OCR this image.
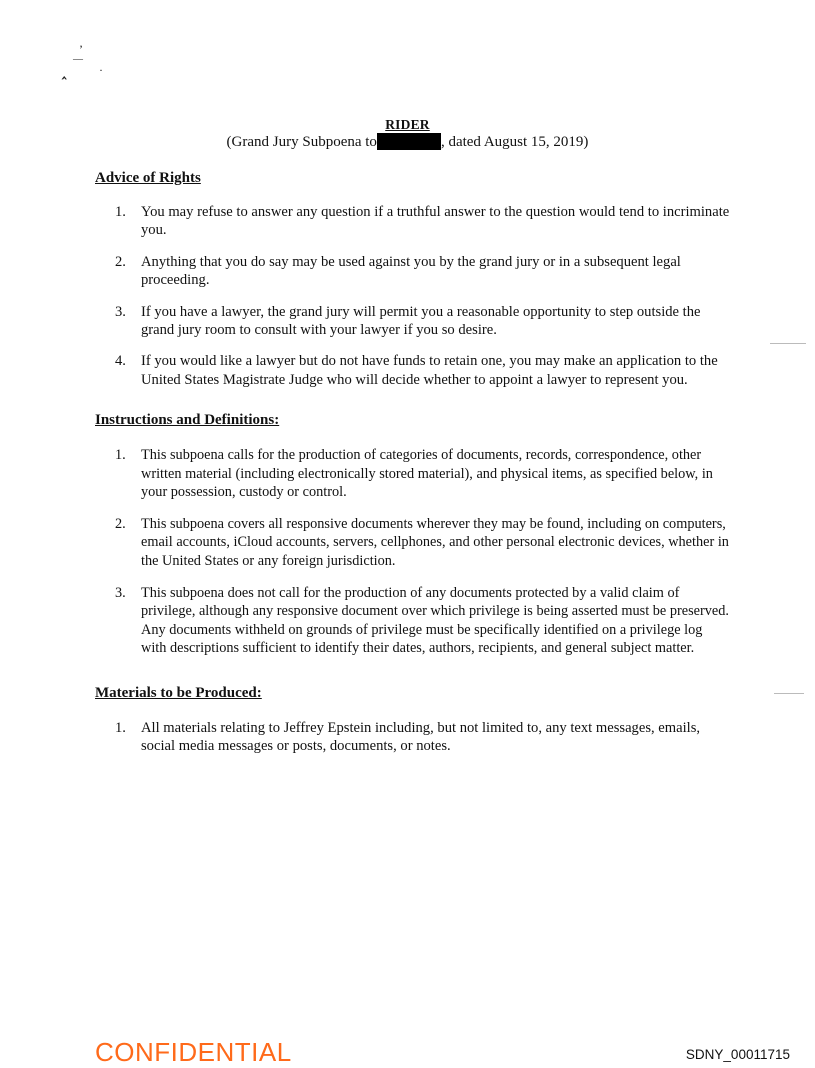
’
—
‸	·
RIDER
(Grand Jury Subpoena to	, dated August 15, 2019)
Advice of Rights
1. You may refuse to answer any question if a truthful answer to the question would tend to incriminate you.
2. Anything that you do say may be used against you by the grand jury or in a subsequent legal proceeding.
3. If you have a lawyer, the grand jury will permit you a reasonable opportunity to step outside the grand jury room to consult with your lawyer if you so desire.
4. If you would like a lawyer but do not have funds to retain one, you may make an application to the United States Magistrate Judge who will decide whether to appoint a lawyer to represent you.
Instructions and Definitions:
1. This subpoena calls for the production of categories of documents, records, correspondence, other written material (including electronically stored material), and physical items, as specified below, in your possession, custody or control.
2. This subpoena covers all responsive documents wherever they may be found, including on computers, email accounts, iCloud accounts, servers, cellphones, and other personal electronic devices, whether in the United States or any foreign jurisdiction.
3. This subpoena does not call for the production of any documents protected by a valid claim of privilege, although any responsive document over which privilege is being asserted must be preserved. Any documents withheld on grounds of privilege must be specifically identified on a privilege log with descriptions sufficient to identify their dates, authors, recipients, and general subject matter.
Materials to be Produced:
1. All materials relating to Jeffrey Epstein including, but not limited to, any text messages, emails, social media messages or posts, documents, or notes.
CONFIDENTIAL	SDNY_00011715
